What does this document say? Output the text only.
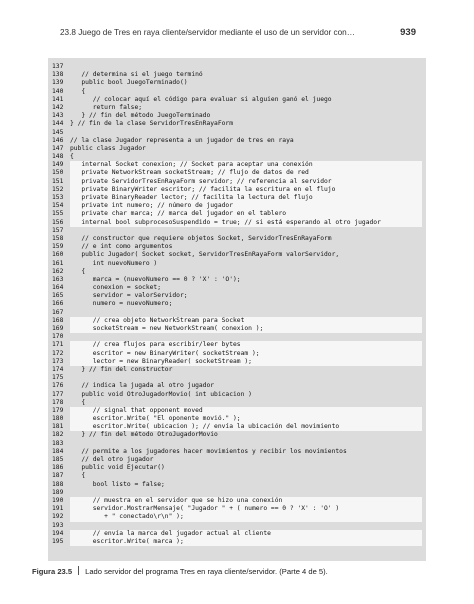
23.8 Juego de Tres en raya cliente/servidor mediante el uso de un servidor con…	939
137
138	// determina si el juego terminó
139	public bool JuegoTerminado()
140	{
141	// colocar aquí el código para evaluar si alguien ganó el juego
142	return false;
143	} // fin del método JuegoTerminado
144	} // fin de la clase ServidorTresEnRayaForm
145
146	// la clase Jugador representa a un jugador de tres en raya
147	public class Jugador
148	{
149	internal Socket conexion; // Socket para aceptar una conexión
150	private NetworkStream socketStream; // flujo de datos de red
151	private ServidorTresEnRayaForm servidor; // referencia al servidor
152	private BinaryWriter escritor; // facilita la escritura en el flujo
153	private BinaryReader lector; // facilita la lectura del flujo
154	private int numero; // número de jugador
155	private char marca; // marca del jugador en el tablero
156	internal bool subprocesoSuspendido = true; // si está esperando al otro jugador
157
158	// constructor que requiere objetos Socket, ServidorTresEnRayaForm
159	// e int como argumentos
160	public Jugador( Socket socket, ServidorTresEnRayaForm valorServidor,
161	int nuevoNumero )
162	{
163	marca = (nuevoNumero == 0 ? 'X' : 'O');
164	conexion = socket;
165	servidor = valorServidor;
166	numero = nuevoNumero;
167
168	// crea objeto NetworkStream para Socket
169	socketStream = new NetworkStream( conexion );
170
171	// crea flujos para escribir/leer bytes
172	escritor = new BinaryWriter( socketStream );
173	lector = new BinaryReader( socketStream );
174	} // fin del constructor
175
176	// indica la jugada al otro jugador
177	public void OtroJugadorMovio( int ubicacion )
178	{
179	// signal that opponent moved
180	escritor.Write( "El oponente movió." );
181	escritor.Write( ubicacion ); // envía la ubicación del movimiento
182	} // fin del método OtroJugadorMovio
183
184	// permite a los jugadores hacer movimientos y recibir los movimientos
185	// del otro jugador
186	public void Ejecutar()
187	{
188	bool listo = false;
189
190	// muestra en el servidor que se hizo una conexión
191	servidor.MostrarMensaje( "Jugador " + ( numero == 0 ? 'X' : 'O' )
192	+ " conectado\r\n" );
193
194	// envía la marca del jugador actual al cliente
195	escritor.Write( marca );
Figura 23.5 Lado servidor del programa Tres en raya cliente/servidor. (Parte 4 de 5).
